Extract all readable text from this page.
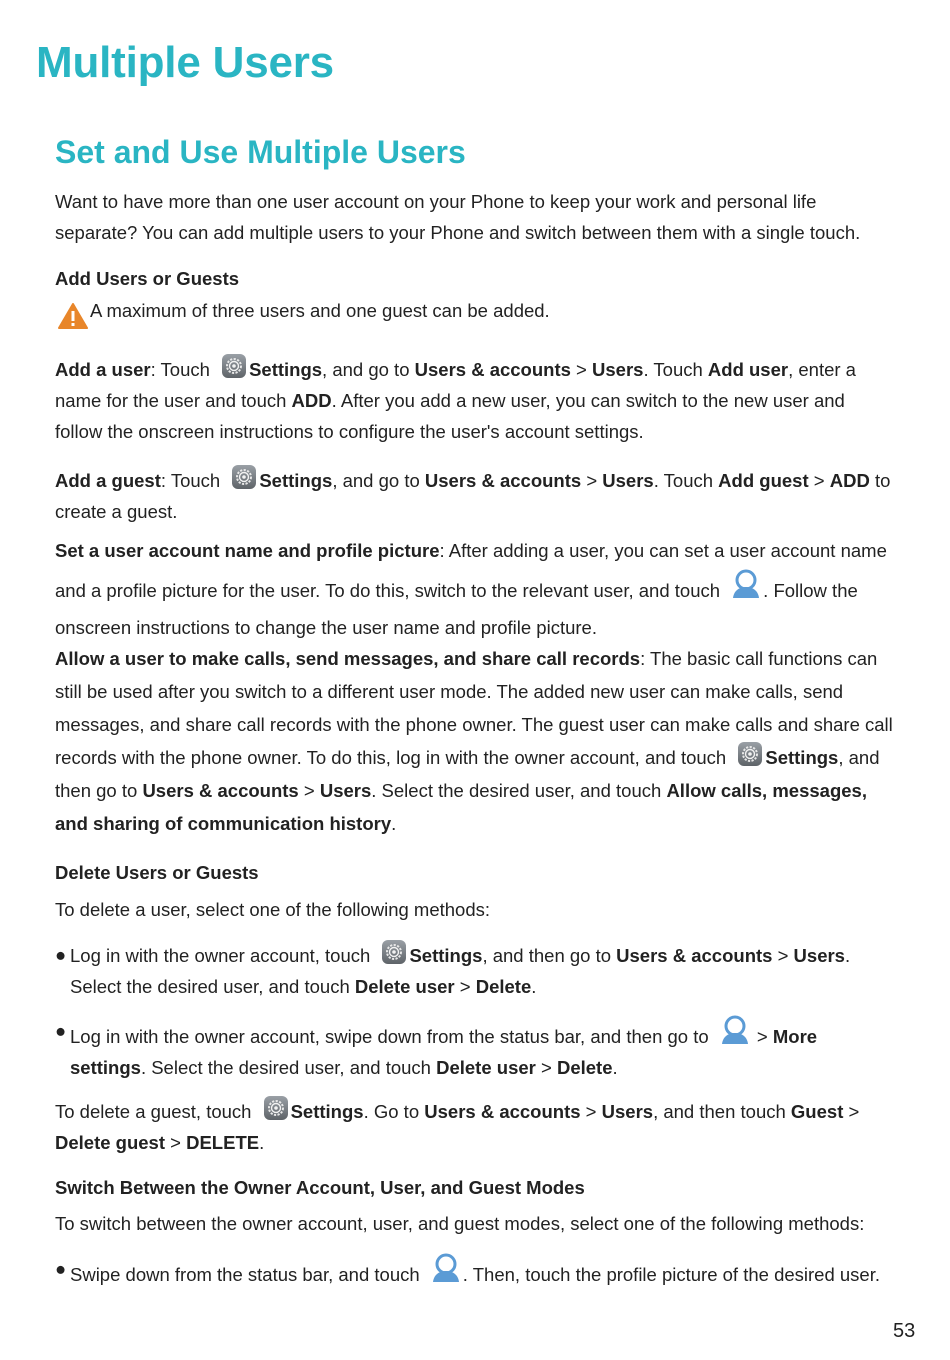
Multiple Users
Set and Use Multiple Users

Want to have more than one user account on your Phone to keep your work and personal life separate? You can add multiple users to your Phone and switch between them with a single touch.

Add Users or Guests
A maximum of three users and one guest can be added.

Add a user: Touch Settings, and go to Users & accounts > Users. Touch Add user, enter a name for the user and touch ADD. After you add a new user, you can switch to the new user and follow the onscreen instructions to configure the user's account settings.

Add a guest: Touch Settings, and go to Users & accounts > Users. Touch Add guest > ADD to create a guest.

Set a user account name and profile picture: After adding a user, you can set a user account name and a profile picture for the user. To do this, switch to the relevant user, and touch . Follow the onscreen instructions to change the user name and profile picture.

Allow a user to make calls, send messages, and share call records: The basic call functions can still be used after you switch to a different user mode. The added new user can make calls, send messages, and share call records with the phone owner. The guest user can make calls and share call records with the phone owner. To do this, log in with the owner account, and touch Settings, and then go to Users & accounts > Users. Select the desired user, and touch Allow calls, messages, and sharing of communication history.

Delete Users or Guests

To delete a user, select one of the following methods:

● Log in with the owner account, touch Settings, and then go to Users & accounts > Users. Select the desired user, and touch Delete user > Delete.
● Log in with the owner account, swipe down from the status bar, and then go to  > More settings. Select the desired user, and touch Delete user > Delete.

To delete a guest, touch Settings. Go to Users & accounts > Users, and then touch Guest > Delete guest > DELETE.

Switch Between the Owner Account, User, and Guest Modes

To switch between the owner account, user, and guest modes, select one of the following methods:

● Swipe down from the status bar, and touch . Then, touch the profile picture of the desired user.
53
